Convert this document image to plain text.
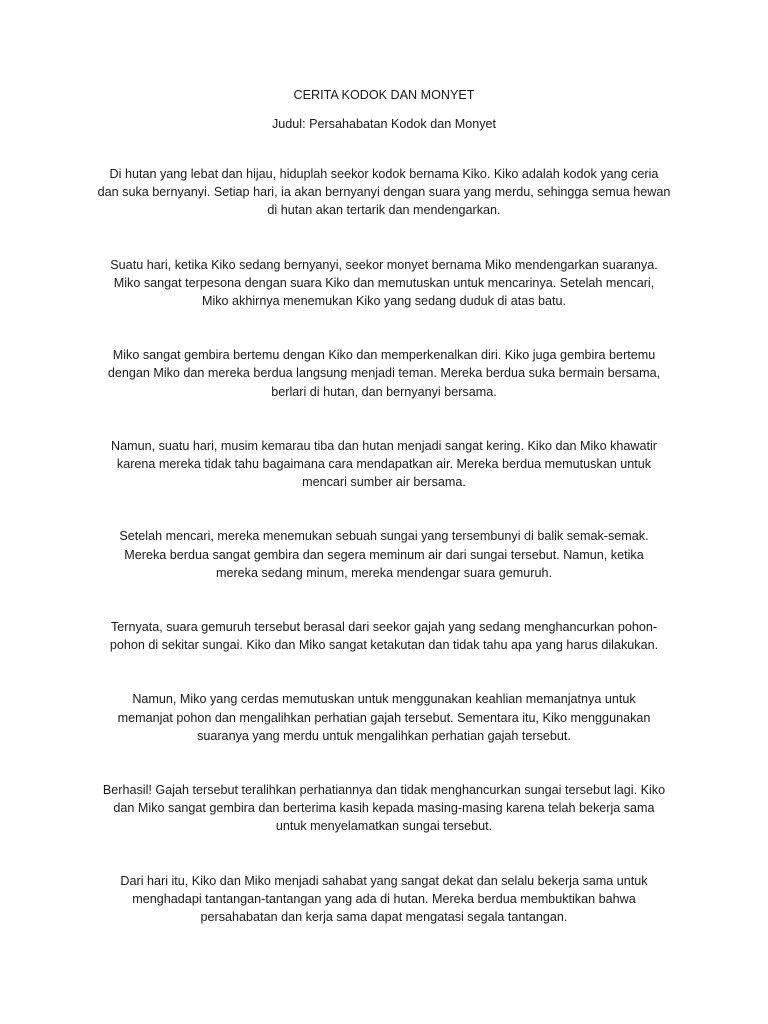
CERITA KODOK DAN MONYET

Judul: Persahabatan Kodok dan Monyet

Di hutan yang lebat dan hijau, hiduplah seekor kodok bernama Kiko. Kiko adalah kodok yang ceria
dan suka bernyanyi. Setiap hari, ia akan bernyanyi dengan suara yang merdu, sehingga semua hewan
di hutan akan tertarik dan mendengarkan.

Suatu hari, ketika Kiko sedang bernyanyi, seekor monyet bernama Miko mendengarkan suaranya.
Miko sangat terpesona dengan suara Kiko dan memutuskan untuk mencarinya. Setelah mencari,
Miko akhirnya menemukan Kiko yang sedang duduk di atas batu.

Miko sangat gembira bertemu dengan Kiko dan memperkenalkan diri. Kiko juga gembira bertemu
dengan Miko dan mereka berdua langsung menjadi teman. Mereka berdua suka bermain bersama,
berlari di hutan, dan bernyanyi bersama.

Namun, suatu hari, musim kemarau tiba dan hutan menjadi sangat kering. Kiko dan Miko khawatir
karena mereka tidak tahu bagaimana cara mendapatkan air. Mereka berdua memutuskan untuk
mencari sumber air bersama.

Setelah mencari, mereka menemukan sebuah sungai yang tersembunyi di balik semak-semak.
Mereka berdua sangat gembira dan segera meminum air dari sungai tersebut. Namun, ketika
mereka sedang minum, mereka mendengar suara gemuruh.

Ternyata, suara gemuruh tersebut berasal dari seekor gajah yang sedang menghancurkan pohon-
pohon di sekitar sungai. Kiko dan Miko sangat ketakutan dan tidak tahu apa yang harus dilakukan.

Namun, Miko yang cerdas memutuskan untuk menggunakan keahlian memanjatnya untuk
memanjat pohon dan mengalihkan perhatian gajah tersebut. Sementara itu, Kiko menggunakan
suaranya yang merdu untuk mengalihkan perhatian gajah tersebut.

Berhasil! Gajah tersebut teralihkan perhatiannya dan tidak menghancurkan sungai tersebut lagi. Kiko
dan Miko sangat gembira dan berterima kasih kepada masing-masing karena telah bekerja sama
untuk menyelamatkan sungai tersebut.

Dari hari itu, Kiko dan Miko menjadi sahabat yang sangat dekat dan selalu bekerja sama untuk
menghadapi tantangan-tantangan yang ada di hutan. Mereka berdua membuktikan bahwa
persahabatan dan kerja sama dapat mengatasi segala tantangan.
